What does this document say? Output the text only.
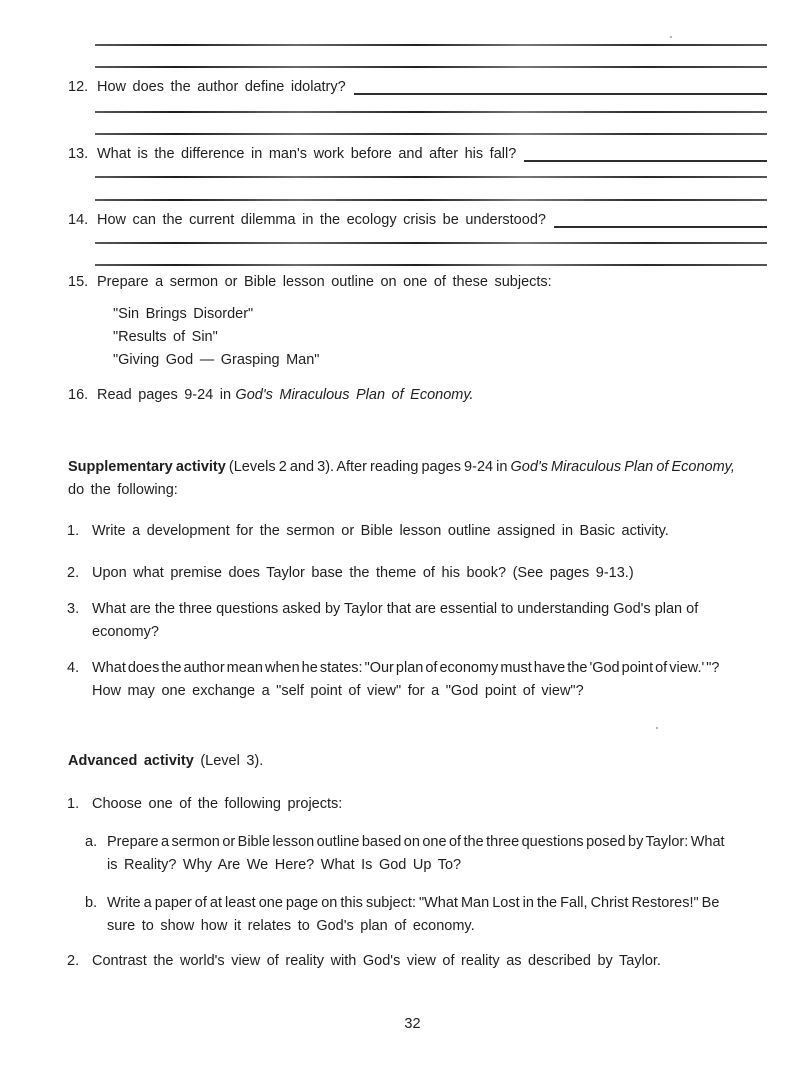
12. How does the author define idolatry?
13. What is the difference in man's work before and after his fall?
14. How can the current dilemma in the ecology crisis be understood?
15. Prepare a sermon or Bible lesson outline on one of these subjects:
"Sin Brings Disorder"
"Results of Sin"
"Giving God — Grasping Man"
16. Read pages 9-24 in God's Miraculous Plan of Economy.
Supplementary activity (Levels 2 and 3). After reading pages 9-24 in God's Miraculous Plan of Economy,
do the following:
1. Write a development for the sermon or Bible lesson outline assigned in Basic activity.
2. Upon what premise does Taylor base the theme of his book? (See pages 9-13.)
3. What are the three questions asked by Taylor that are essential to understanding God's plan of
economy?
4. What does the author mean when he states: "Our plan of economy must have the 'God point of view.' "?
How may one exchange a "self point of view" for a "God point of view"?
Advanced activity (Level 3).
1. Choose one of the following projects:
a. Prepare a sermon or Bible lesson outline based on one of the three questions posed by Taylor: What
is Reality? Why Are We Here? What Is God Up To?
b. Write a paper of at least one page on this subject: "What Man Lost in the Fall, Christ Restores!" Be
sure to show how it relates to God's plan of economy.
2. Contrast the world's view of reality with God's view of reality as described by Taylor.
32
